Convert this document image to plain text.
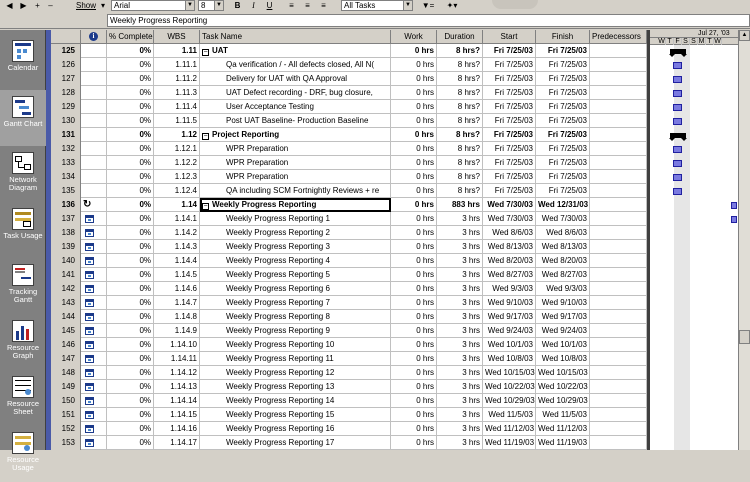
◀ ▶	+	–	Show ▾	Arial	▼	8	▼	B	I	U	≡	≡	≡	All Tasks	▼ ▼=	✦▾
Weekly Progress Reporting
Calendar
Gantt Chart
Network Diagram
Task Usage
Tracking Gantt
Resource Graph
Resource Sheet
Resource Usage
i	% Complete	WBS	Task Name	Work	Duration	Start	Finish	Predecessors
125	0%	1.11 − UAT	0 hrs	8 hrs?	Fri 7/25/03	Fri 7/25/03
126	0%	1.11.1	Qa verification / - All defects closed, All N(	0 hrs	8 hrs?	Fri 7/25/03	Fri 7/25/03
127	0%	1.11.2	Delivery for UAT with QA Approval	0 hrs	8 hrs?	Fri 7/25/03	Fri 7/25/03
128	0%	1.11.3	UAT Defect recording - DRF, bug closure,	0 hrs	8 hrs?	Fri 7/25/03	Fri 7/25/03
129	0%	1.11.4	User Acceptance Testing	0 hrs	8 hrs?	Fri 7/25/03	Fri 7/25/03
130	0%	1.11.5	Post UAT Baseline- Production Baseline	0 hrs	8 hrs?	Fri 7/25/03	Fri 7/25/03
131	0%	1.12 − Project Reporting	0 hrs	8 hrs?	Fri 7/25/03	Fri 7/25/03
132	0%	1.12.1	WPR Preparation	0 hrs	8 hrs?	Fri 7/25/03	Fri 7/25/03
133	0%	1.12.2	WPR Preparation	0 hrs	8 hrs?	Fri 7/25/03	Fri 7/25/03
134	0%	1.12.3	WPR Preparation	0 hrs	8 hrs?	Fri 7/25/03	Fri 7/25/03
135	0%	1.12.4	QA including SCM Fortnightly Reviews + re	0 hrs	8 hrs?	Fri 7/25/03	Fri 7/25/03
136 ↻	0%	1.14 − Weekly Progress Reporting	0 hrs	883 hrs Wed 7/30/03 Wed 12/31/03
137	0%	1.14.1	Weekly Progress Reporting 1	0 hrs	3 hrs Wed 7/30/03	Wed 7/30/03
138	0%	1.14.2	Weekly Progress Reporting 2	0 hrs	3 hrs	Wed 8/6/03	Wed 8/6/03
139	0%	1.14.3	Weekly Progress Reporting 3	0 hrs	3 hrs Wed 8/13/03	Wed 8/13/03
140	0%	1.14.4	Weekly Progress Reporting 4	0 hrs	3 hrs Wed 8/20/03	Wed 8/20/03
141	0%	1.14.5	Weekly Progress Reporting 5	0 hrs	3 hrs Wed 8/27/03	Wed 8/27/03
142	0%	1.14.6	Weekly Progress Reporting 6	0 hrs	3 hrs	Wed 9/3/03	Wed 9/3/03
143	0%	1.14.7	Weekly Progress Reporting 7	0 hrs	3 hrs Wed 9/10/03	Wed 9/10/03
144	0%	1.14.8	Weekly Progress Reporting 8	0 hrs	3 hrs Wed 9/17/03	Wed 9/17/03
145	0%	1.14.9	Weekly Progress Reporting 9	0 hrs	3 hrs Wed 9/24/03	Wed 9/24/03
146	0%	1.14.10	Weekly Progress Reporting 10	0 hrs	3 hrs Wed 10/1/03	Wed 10/1/03
147	0%	1.14.11	Weekly Progress Reporting 11	0 hrs	3 hrs Wed 10/8/03	Wed 10/8/03
148	0%	1.14.12	Weekly Progress Reporting 12	0 hrs	3 hrs Wed 10/15/03 Wed 10/15/03
149	0%	1.14.13	Weekly Progress Reporting 13	0 hrs	3 hrs Wed 10/22/03 Wed 10/22/03
150	0%	1.14.14	Weekly Progress Reporting 14	0 hrs	3 hrs Wed 10/29/03 Wed 10/29/03
151	0%	1.14.15	Weekly Progress Reporting 15	0 hrs	3 hrs	Wed 11/5/03	Wed 11/5/03
152	0%	1.14.16	Weekly Progress Reporting 16	0 hrs	3 hrs Wed 11/12/03 Wed 11/12/03
153	0%	1.14.17	Weekly Progress Reporting 17	0 hrs	3 hrs Wed 11/19/03 Wed 11/19/03
Jul 27, '03
W T F S S M T W
▲
